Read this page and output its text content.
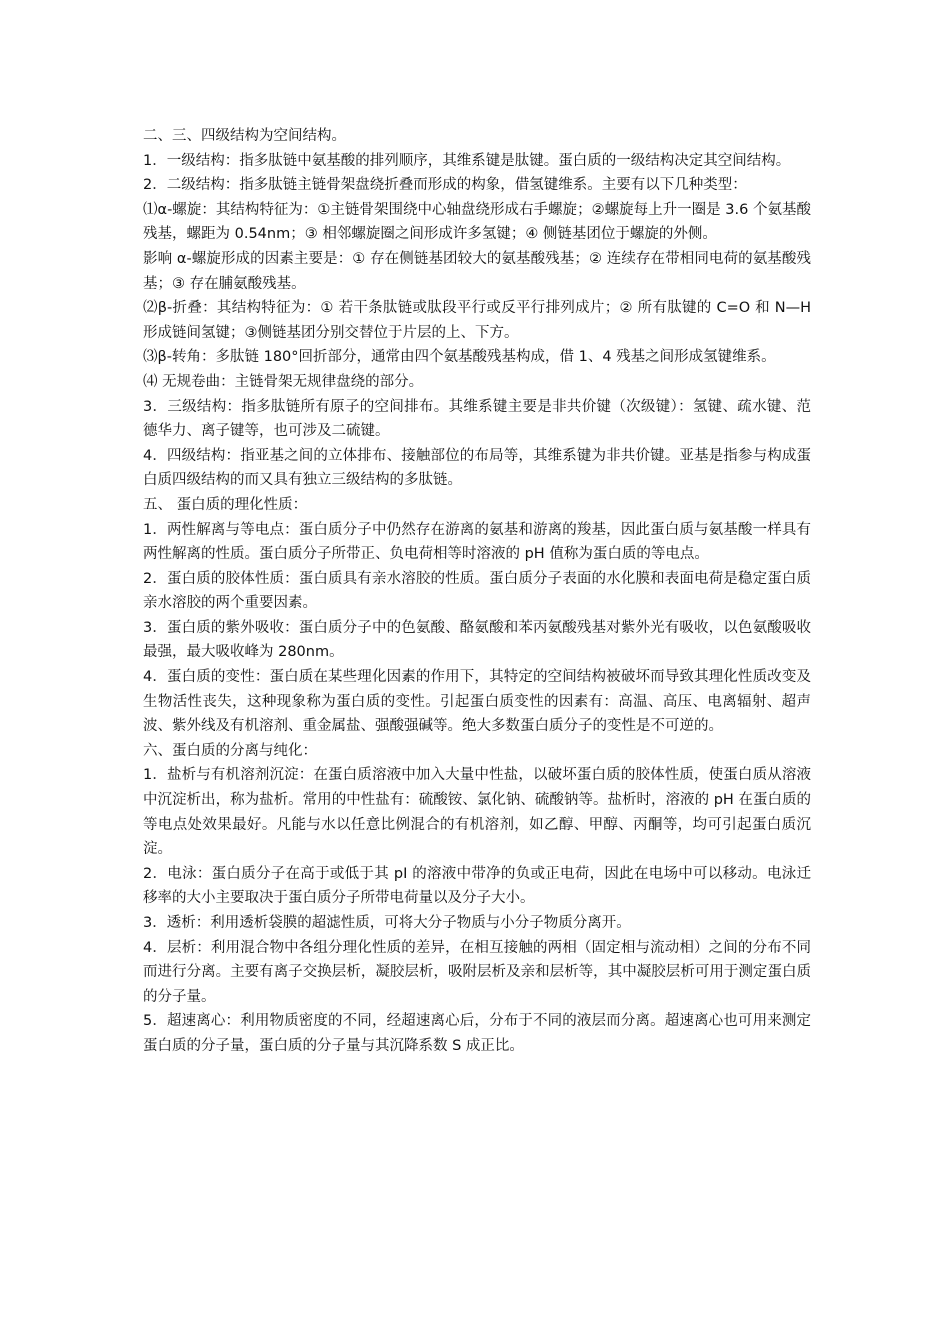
二、三、四级结构为空间结构。

1．一级结构：指多肽链中氨基酸的排列顺序，其维系键是肽键。蛋白质的一级结构决定其空间结构。

2．二级结构：指多肽链主链骨架盘绕折叠而形成的构象，借氢键维系。主要有以下几种类型：

⑴α-螺旋：其结构特征为：①主链骨架围绕中心轴盘绕形成右手螺旋；②螺旋每上升一圈是 3.6 个氨基酸残基，螺距为 0.54nm；③ 相邻螺旋圈之间形成许多氢键；④ 侧链基团位于螺旋的外侧。

影响 α-螺旋形成的因素主要是：① 存在侧链基团较大的氨基酸残基；② 连续存在带相同电荷的氨基酸残基；③ 存在脯氨酸残基。

⑵β-折叠：其结构特征为：① 若干条肽链或肽段平行或反平行排列成片；② 所有肽键的 C=O 和 N—H 形成链间氢键；③侧链基团分别交替位于片层的上、下方。

⑶β-转角：多肽链 180°回折部分，通常由四个氨基酸残基构成，借 1、4 残基之间形成氢键维系。

⑷ 无规卷曲：主链骨架无规律盘绕的部分。

3．三级结构：指多肽链所有原子的空间排布。其维系键主要是非共价键（次级键）：氢键、疏水键、范德华力、离子键等，也可涉及二硫键。

4．四级结构：指亚基之间的立体排布、接触部位的布局等，其维系键为非共价键。亚基是指参与构成蛋白质四级结构的而又具有独立三级结构的多肽链。

五、 蛋白质的理化性质：

1．两性解离与等电点：蛋白质分子中仍然存在游离的氨基和游离的羧基，因此蛋白质与氨基酸一样具有两性解离的性质。蛋白质分子所带正、负电荷相等时溶液的 pH 值称为蛋白质的等电点。

2．蛋白质的胶体性质：蛋白质具有亲水溶胶的性质。蛋白质分子表面的水化膜和表面电荷是稳定蛋白质亲水溶胶的两个重要因素。

3．蛋白质的紫外吸收：蛋白质分子中的色氨酸、酪氨酸和苯丙氨酸残基对紫外光有吸收，以色氨酸吸收最强，最大吸收峰为 280nm。

4．蛋白质的变性：蛋白质在某些理化因素的作用下，其特定的空间结构被破坏而导致其理化性质改变及生物活性丧失，这种现象称为蛋白质的变性。引起蛋白质变性的因素有：高温、高压、电离辐射、超声波、紫外线及有机溶剂、重金属盐、强酸强碱等。绝大多数蛋白质分子的变性是不可逆的。

六、蛋白质的分离与纯化：

1．盐析与有机溶剂沉淀：在蛋白质溶液中加入大量中性盐，以破坏蛋白质的胶体性质，使蛋白质从溶液中沉淀析出，称为盐析。常用的中性盐有：硫酸铵、氯化钠、硫酸钠等。盐析时，溶液的 pH 在蛋白质的等电点处效果最好。凡能与水以任意比例混合的有机溶剂，如乙醇、甲醇、丙酮等，均可引起蛋白质沉淀。

2．电泳：蛋白质分子在高于或低于其 pI 的溶液中带净的负或正电荷，因此在电场中可以移动。电泳迁移率的大小主要取决于蛋白质分子所带电荷量以及分子大小。

3．透析：利用透析袋膜的超滤性质，可将大分子物质与小分子物质分离开。

4．层析：利用混合物中各组分理化性质的差异，在相互接触的两相（固定相与流动相）之间的分布不同而进行分离。主要有离子交换层析，凝胶层析，吸附层析及亲和层析等，其中凝胶层析可用于测定蛋白质的分子量。

5．超速离心：利用物质密度的不同，经超速离心后，分布于不同的液层而分离。超速离心也可用来测定蛋白质的分子量，蛋白质的分子量与其沉降系数 S 成正比。
